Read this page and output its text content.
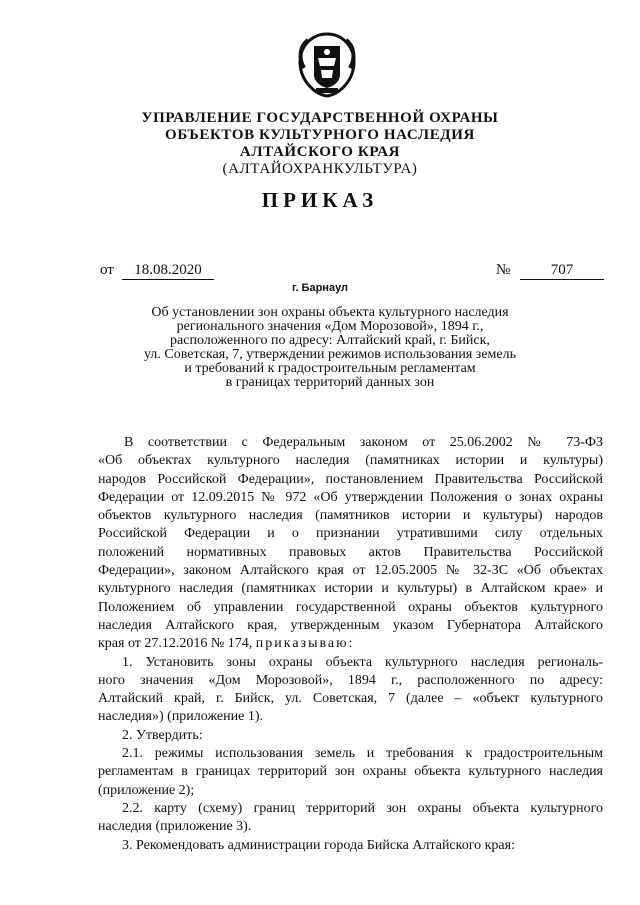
УПРАВЛЕНИЕ ГОСУДАРСТВЕННОЙ ОХРАНЫ
ОБЪЕКТОВ КУЛЬТУРНОГО НАСЛЕДИЯ
АЛТАЙСКОГО КРАЯ
(АЛТАЙОХРАНКУЛЬТУРА)
ПРИКАЗ
от	18.08.2020	№	707
г. Барнаул
Об установлении зон охраны объекта культурного наследия
регионального значения «Дом Морозовой», 1894 г.,
расположенного по адресу: Алтайский край, г. Бийск,
ул. Советская, 7, утверждении режимов использования земель
и требований к градостроительным регламентам
в границах территорий данных зон
В соответствии с Федеральным законом от 25.06.2002 № 73-ФЗ
«Об объектах культурного наследия (памятниках истории и культуры)
народов Российской Федерации», постановлением Правительства Российской
Федерации от 12.09.2015 № 972 «Об утверждении Положения о зонах охраны
объектов культурного наследия (памятников истории и культуры) народов
Российской Федерации и о признании утратившими силу отдельных
положений нормативных правовых актов Правительства Российской
Федерации», законом Алтайского края от 12.05.2005 № 32-ЗС «Об объектах
культурного наследия (памятниках истории и культуры) в Алтайском крае» и
Положением об управлении государственной охраны объектов культурного
наследия Алтайского края, утвержденным указом Губернатора Алтайского
края от 27.12.2016 № 174, приказываю:
1. Установить зоны охраны объекта культурного наследия региональ-
ного значения «Дом Морозовой», 1894 г., расположенного по адресу:
Алтайский край, г. Бийск, ул. Советская, 7 (далее – «объект культурного
наследия») (приложение 1).
2. Утвердить:
2.1. режимы использования земель и требования к градостроительным
регламентам в границах территорий зон охраны объекта культурного наследия
(приложение 2);
2.2. карту (схему) границ территорий зон охраны объекта культурного
наследия (приложение 3).
3. Рекомендовать администрации города Бийска Алтайского края:
